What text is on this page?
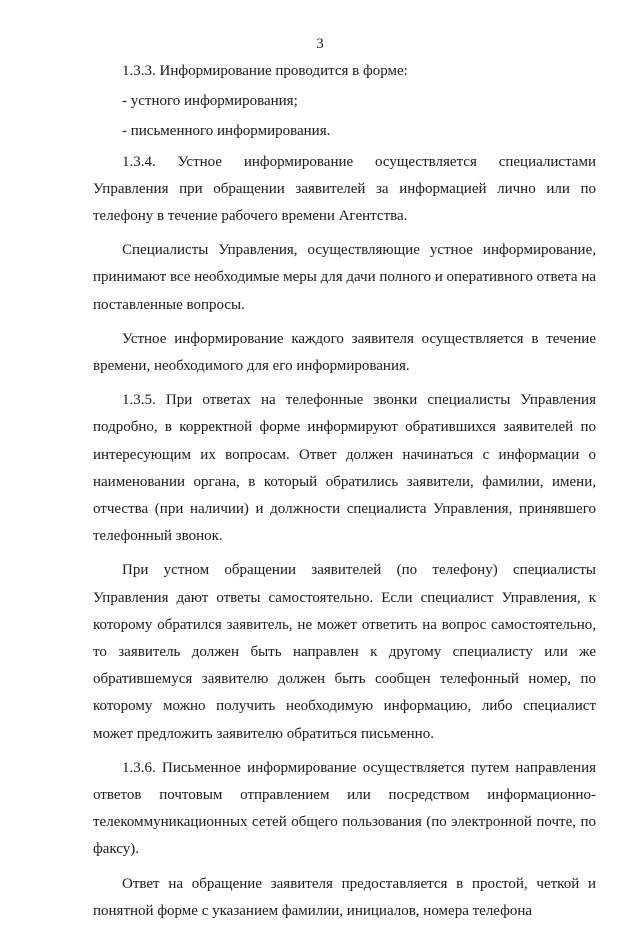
3

1.3.3. Информирование проводится в форме:

- устного информирования;

- письменного информирования.

1.3.4. Устное информирование осуществляется специалистами Управления при обращении заявителей за информацией лично или по телефону в течение рабочего времени Агентства.

Специалисты Управления, осуществляющие устное информирование, принимают все необходимые меры для дачи полного и оперативного ответа на поставленные вопросы.

Устное информирование каждого заявителя осуществляется в течение времени, необходимого для его информирования.

1.3.5. При ответах на телефонные звонки специалисты Управления подробно, в корректной форме информируют обратившихся заявителей по интересующим их вопросам. Ответ должен начинаться с информации о наименовании органа, в который обратились заявители, фамилии, имени, отчества (при наличии) и должности специалиста Управления, принявшего телефонный звонок.

При устном обращении заявителей (по телефону) специалисты Управления дают ответы самостоятельно. Если специалист Управления, к которому обратился заявитель, не может ответить на вопрос самостоятельно, то заявитель должен быть направлен к другому специалисту или же обратившемуся заявителю должен быть сообщен телефонный номер, по которому можно получить необходимую информацию, либо специалист может предложить заявителю обратиться письменно.

1.3.6. Письменное информирование осуществляется путем направления ответов почтовым отправлением или посредством информационно-телекоммуникационных сетей общего пользования (по электронной почте, по факсу).

Ответ на обращение заявителя предоставляется в простой, четкой и понятной форме с указанием фамилии, инициалов, номера телефона
